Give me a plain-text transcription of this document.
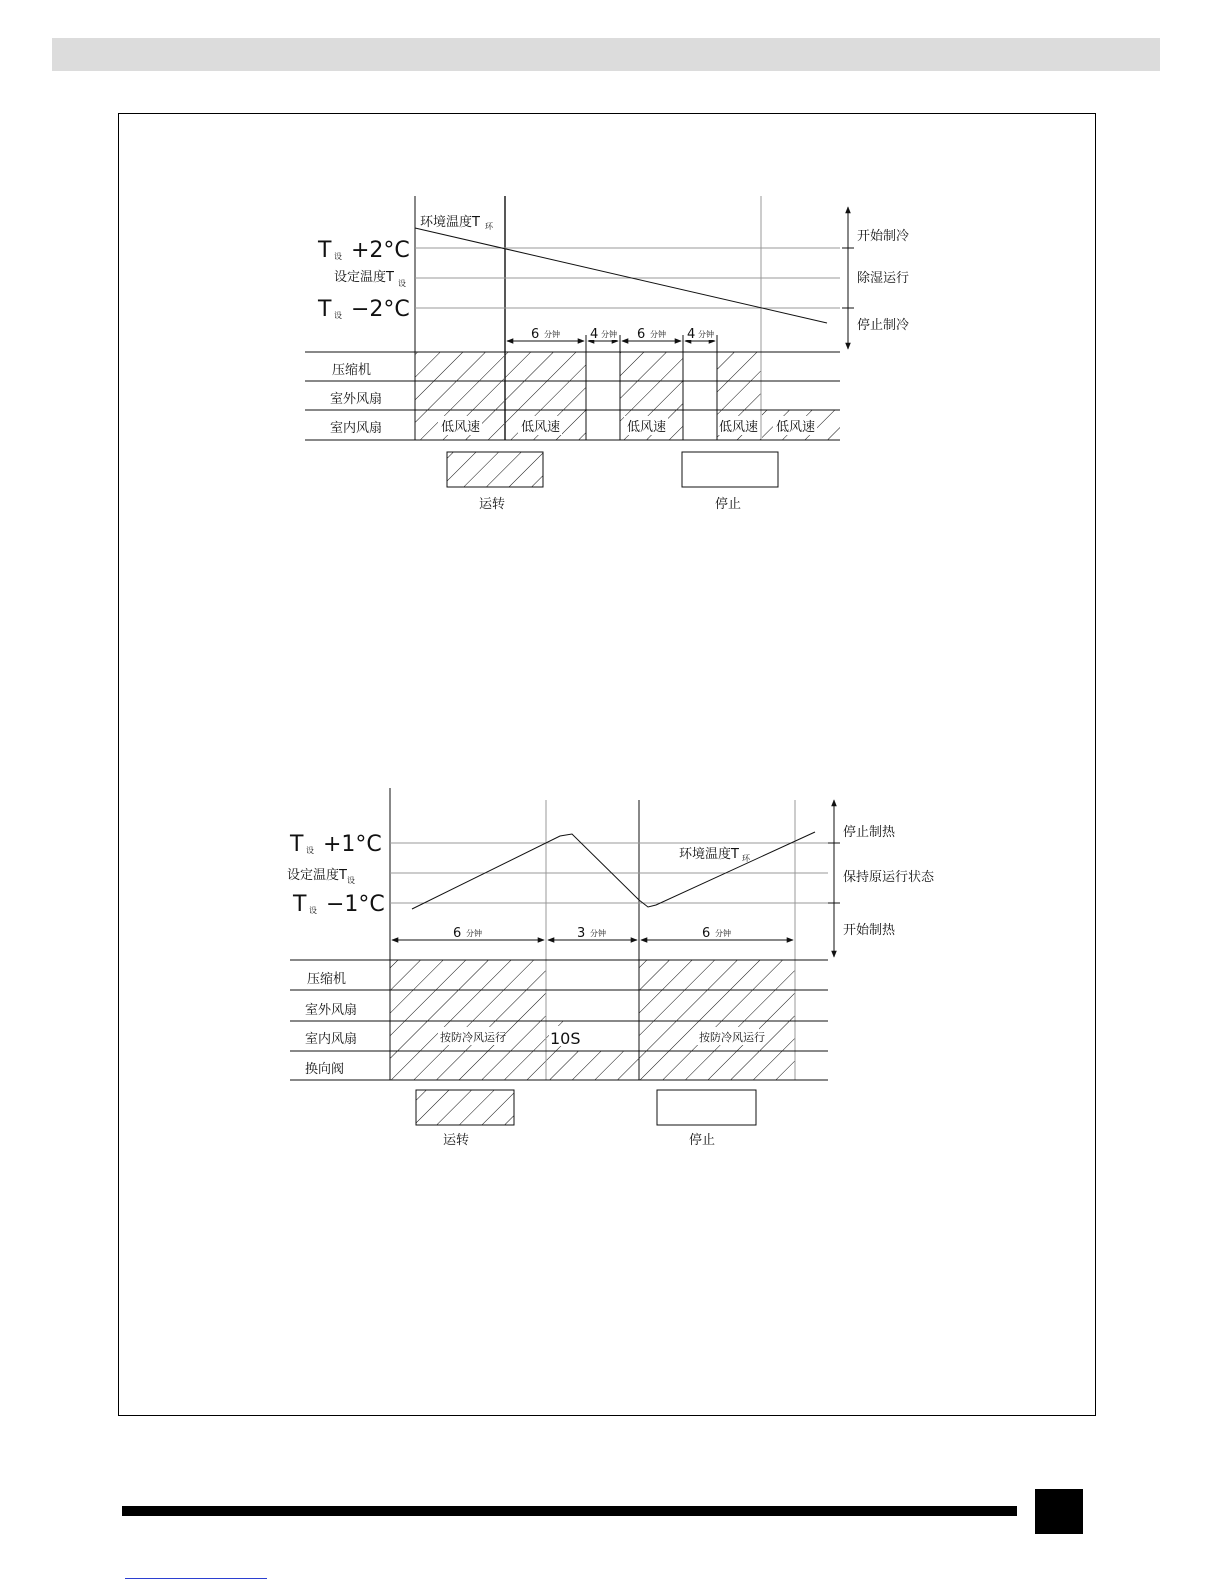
T 设 +2°C
设定温度T 设
T 设 −2°C
环境温度T 环
开始制冷
除湿运行
停止制冷
6 分钟 4 分钟 6 分钟 4 分钟
压缩机
室外风扇
室内风扇	低风速	低风速	低风速	低风速 低风速
运转	停止
T 设 +1°C
设定温度T 设
T 设 −1°C
环境温度T 环
停止制热
保持原运行状态
开始制热
6 分钟	3 分钟	6 分钟
压缩机
室外风扇
室内风扇
换向阀
按防冷风运行	按防冷风运行
10S
运转	停止
